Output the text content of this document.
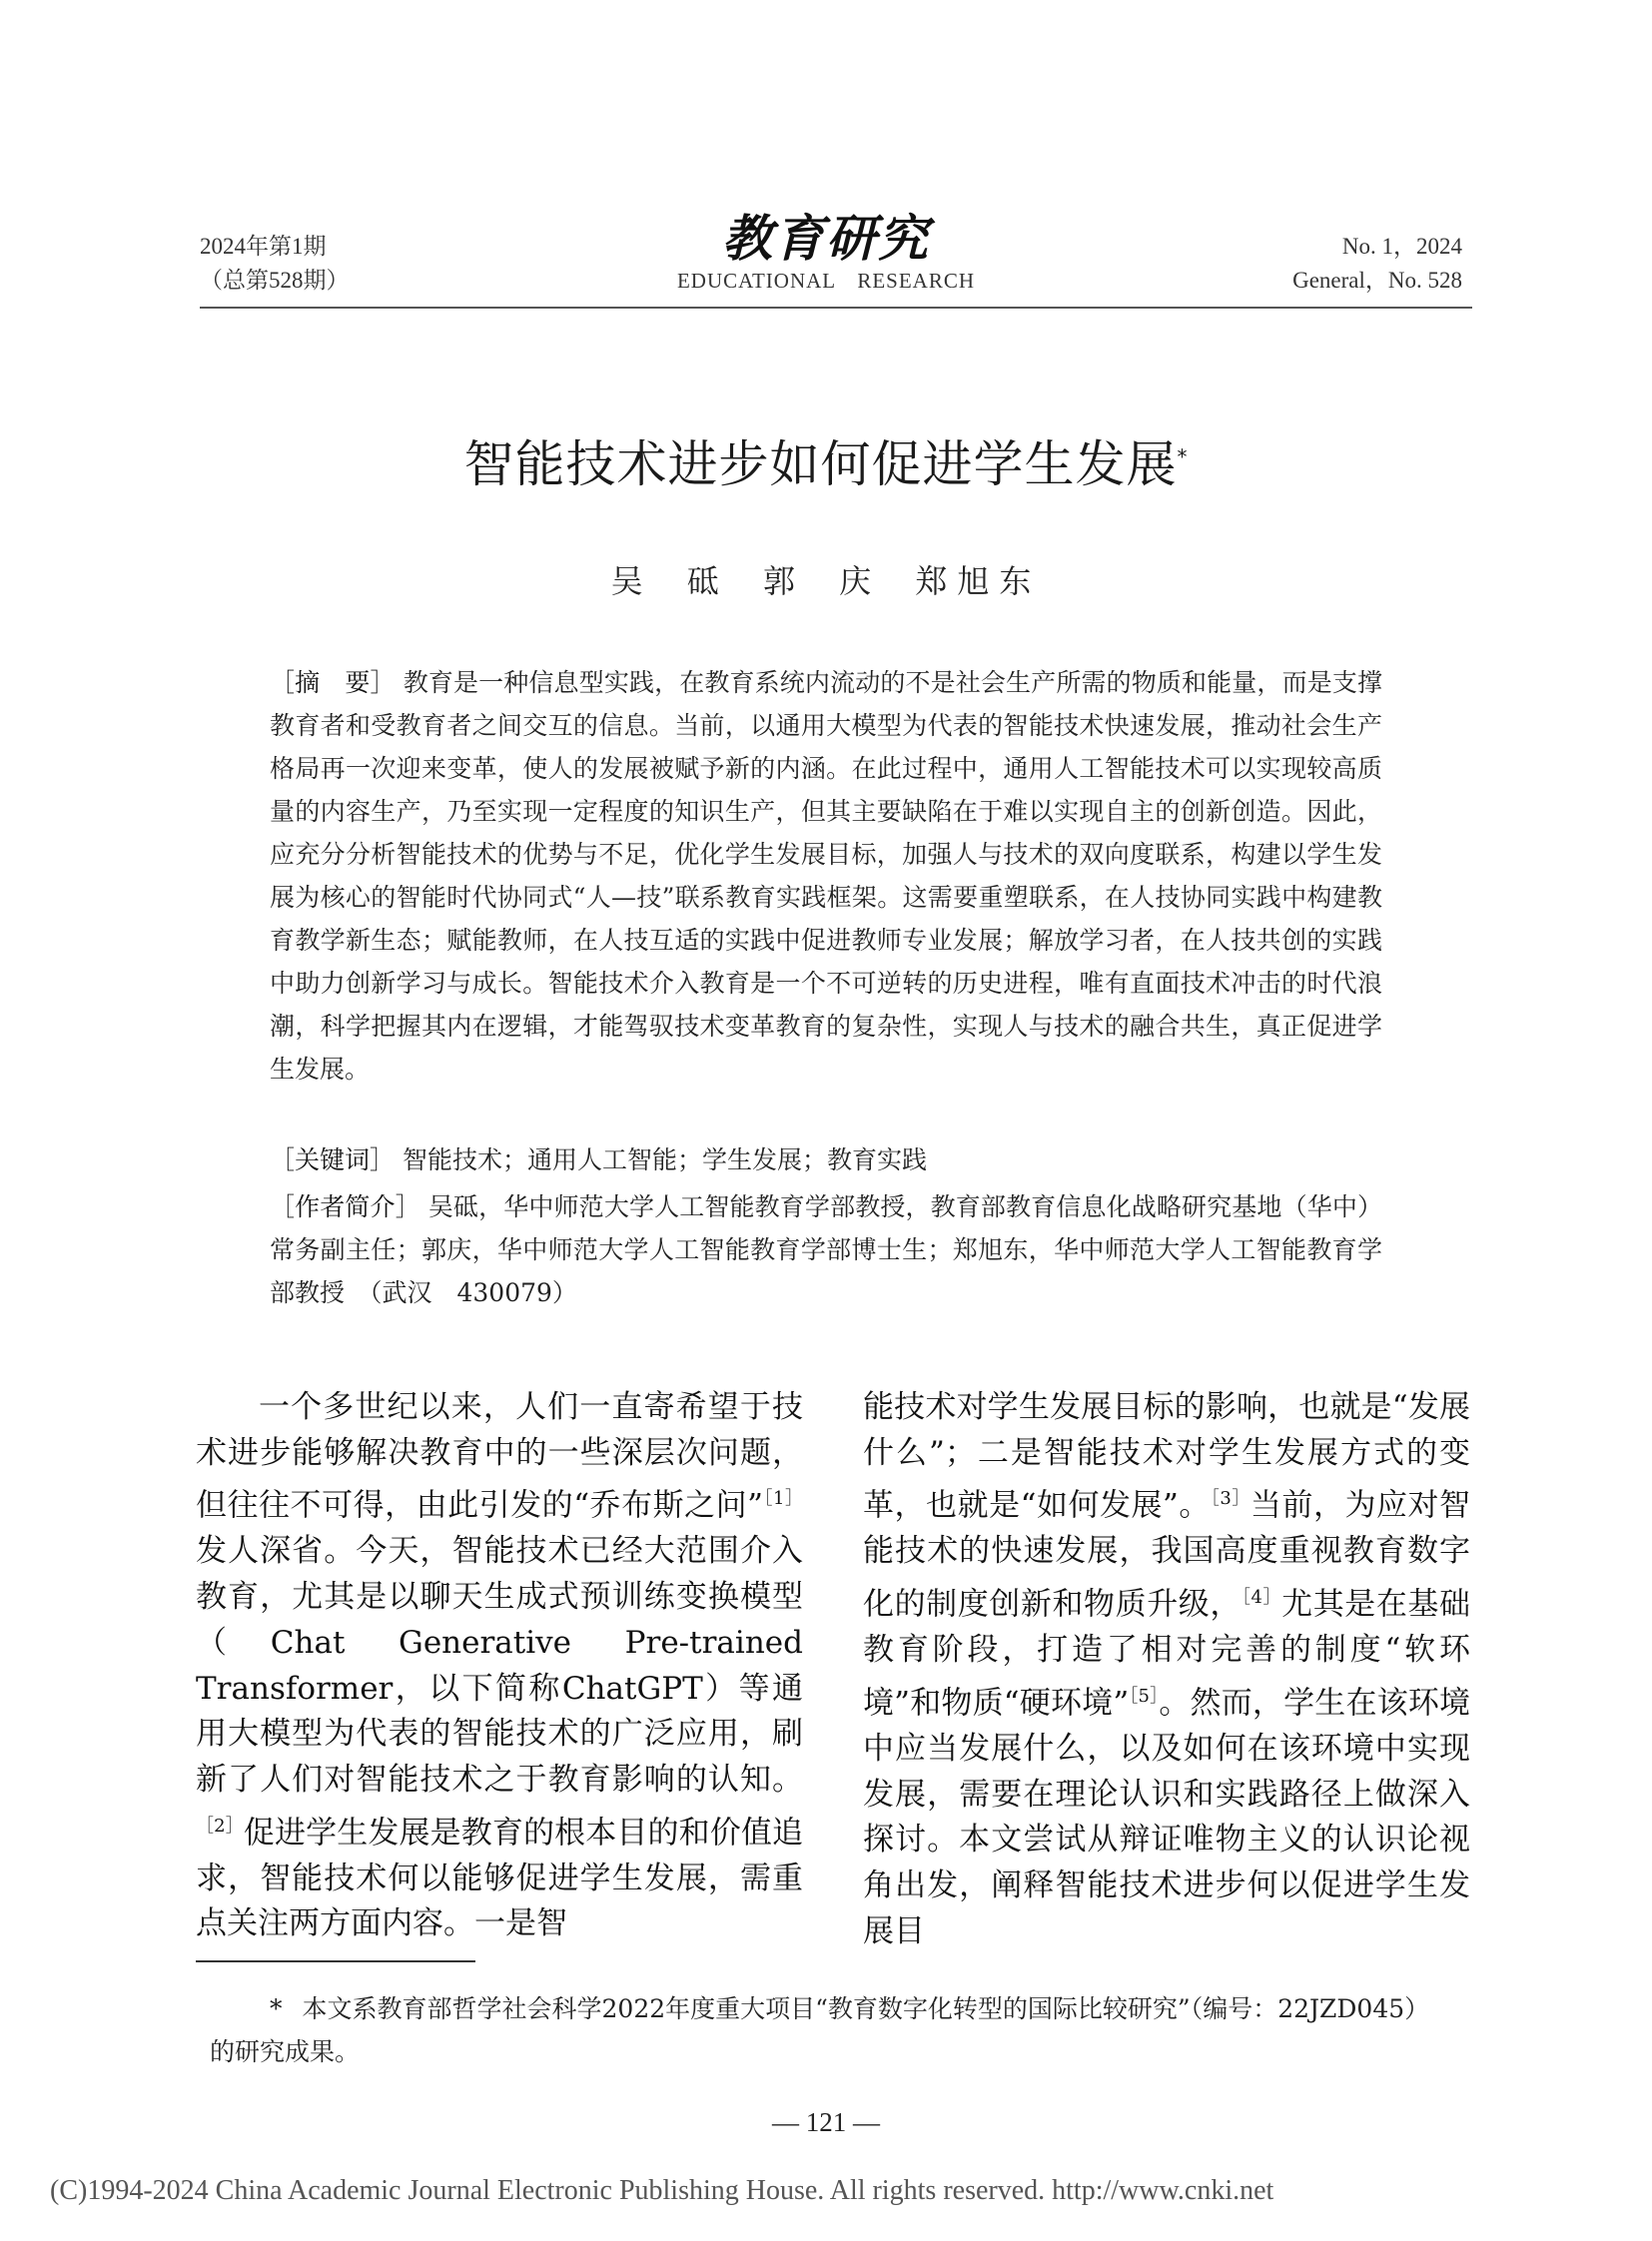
2024年第1期
（总第528期）
教育研究
EDUCATIONAL　RESEARCH
No. 1，2024
General，No. 528
智能技术进步如何促进学生发展*
吴 砥 郭 庆 郑旭东
［摘　要］ 教育是一种信息型实践，在教育系统内流动的不是社会生产所需的物质和能量，而是支撑教育者和受教育者之间交互的信息。当前，以通用大模型为代表的智能技术快速发展，推动社会生产格局再一次迎来变革，使人的发展被赋予新的内涵。在此过程中，通用人工智能技术可以实现较高质量的内容生产，乃至实现一定程度的知识生产，但其主要缺陷在于难以实现自主的创新创造。因此，应充分分析智能技术的优势与不足，优化学生发展目标，加强人与技术的双向度联系，构建以学生发展为核心的智能时代协同式“人—技”联系教育实践框架。这需要重塑联系，在人技协同实践中构建教育教学新生态；赋能教师，在人技互适的实践中促进教师专业发展；解放学习者，在人技共创的实践中助力创新学习与成长。智能技术介入教育是一个不可逆转的历史进程，唯有直面技术冲击的时代浪潮，科学把握其内在逻辑，才能驾驭技术变革教育的复杂性，实现人与技术的融合共生，真正促进学生发展。
［关键词］ 智能技术；通用人工智能；学生发展；教育实践
［作者简介］ 吴砥，华中师范大学人工智能教育学部教授，教育部教育信息化战略研究基地（华中）常务副主任；郭庆，华中师范大学人工智能教育学部博士生；郑旭东，华中师范大学人工智能教育学部教授　（武汉　430079）
一个多世纪以来，人们一直寄希望于技术进步能够解决教育中的一些深层次问题，但往往不可得，由此引发的“乔布斯之问”$^{[1]}$发人深省。今天，智能技术已经大范围介入教育，尤其是以聊天生成式预训练变换模型（Chat Generative Pre-trained Transformer，以下简称ChatGPT）等通用大模型为代表的智能技术的广泛应用，刷新了人们对智能技术之于教育影响的认知。$^{[2]}$促进学生发展是教育的根本目的和价值追求，智能技术何以能够促进学生发展，需重点关注两方面内容。一是智
能技术对学生发展目标的影响，也就是“发展什么”；二是智能技术对学生发展方式的变革，也就是“如何发展”。$^{[3]}$当前，为应对智能技术的快速发展，我国高度重视教育数字化的制度创新和物质升级，$^{[4]}$尤其是在基础教育阶段，打造了相对完善的制度“软环境”和物质“硬环境”$^{[5]}$。然而，学生在该环境中应当发展什么，以及如何在该环境中实现发展，需要在理论认识和实践路径上做深入探讨。本文尝试从辩证唯物主义的认识论视角出发，阐释智能技术进步何以促进学生发展目
* 本文系教育部哲学社会科学2022年度重大项目“教育数字化转型的国际比较研究”（编号：22JZD045）的研究成果。
— 121 —
(C)1994-2024 China Academic Journal Electronic Publishing House. All rights reserved. http://www.cnki.net
